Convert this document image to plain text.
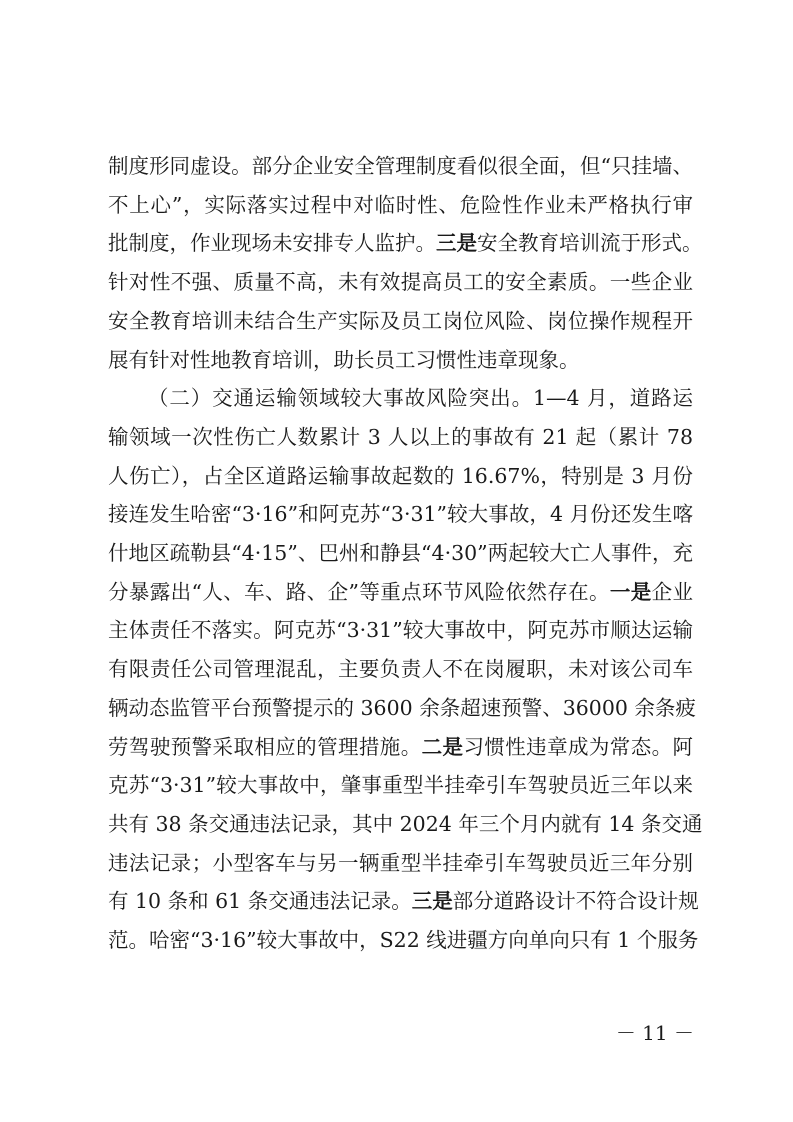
制度形同虚设。部分企业安全管理制度看似很全面，但“只挂墙、
不上心”，实际落实过程中对临时性、危险性作业未严格执行审
批制度，作业现场未安排专人监护。三是安全教育培训流于形式。
针对性不强、质量不高，未有效提高员工的安全素质。一些企业
安全教育培训未结合生产实际及员工岗位风险、岗位操作规程开
展有针对性地教育培训，助长员工习惯性违章现象。
（二）交通运输领域较大事故风险突出。1—4 月，道路运
输领域一次性伤亡人数累计 3 人以上的事故有 21 起（累计 78
人伤亡），占全区道路运输事故起数的 16.67%，特别是 3 月份
接连发生哈密“3·16”和阿克苏“3·31”较大事故，4 月份还发生喀
什地区疏勒县“4·15”、巴州和静县“4·30”两起较大亡人事件，充
分暴露出“人、车、路、企”等重点环节风险依然存在。一是企业
主体责任不落实。阿克苏“3·31”较大事故中，阿克苏市顺达运输
有限责任公司管理混乱，主要负责人不在岗履职，未对该公司车
辆动态监管平台预警提示的 3600 余条超速预警、36000 余条疲
劳驾驶预警采取相应的管理措施。二是习惯性违章成为常态。阿
克苏“3·31”较大事故中，肇事重型半挂牵引车驾驶员近三年以来
共有 38 条交通违法记录，其中 2024 年三个月内就有 14 条交通
违法记录；小型客车与另一辆重型半挂牵引车驾驶员近三年分别
有 10 条和 61 条交通违法记录。三是部分道路设计不符合设计规
范。哈密“3·16”较大事故中，S22 线进疆方向单向只有 1 个服务
－ 11 －
